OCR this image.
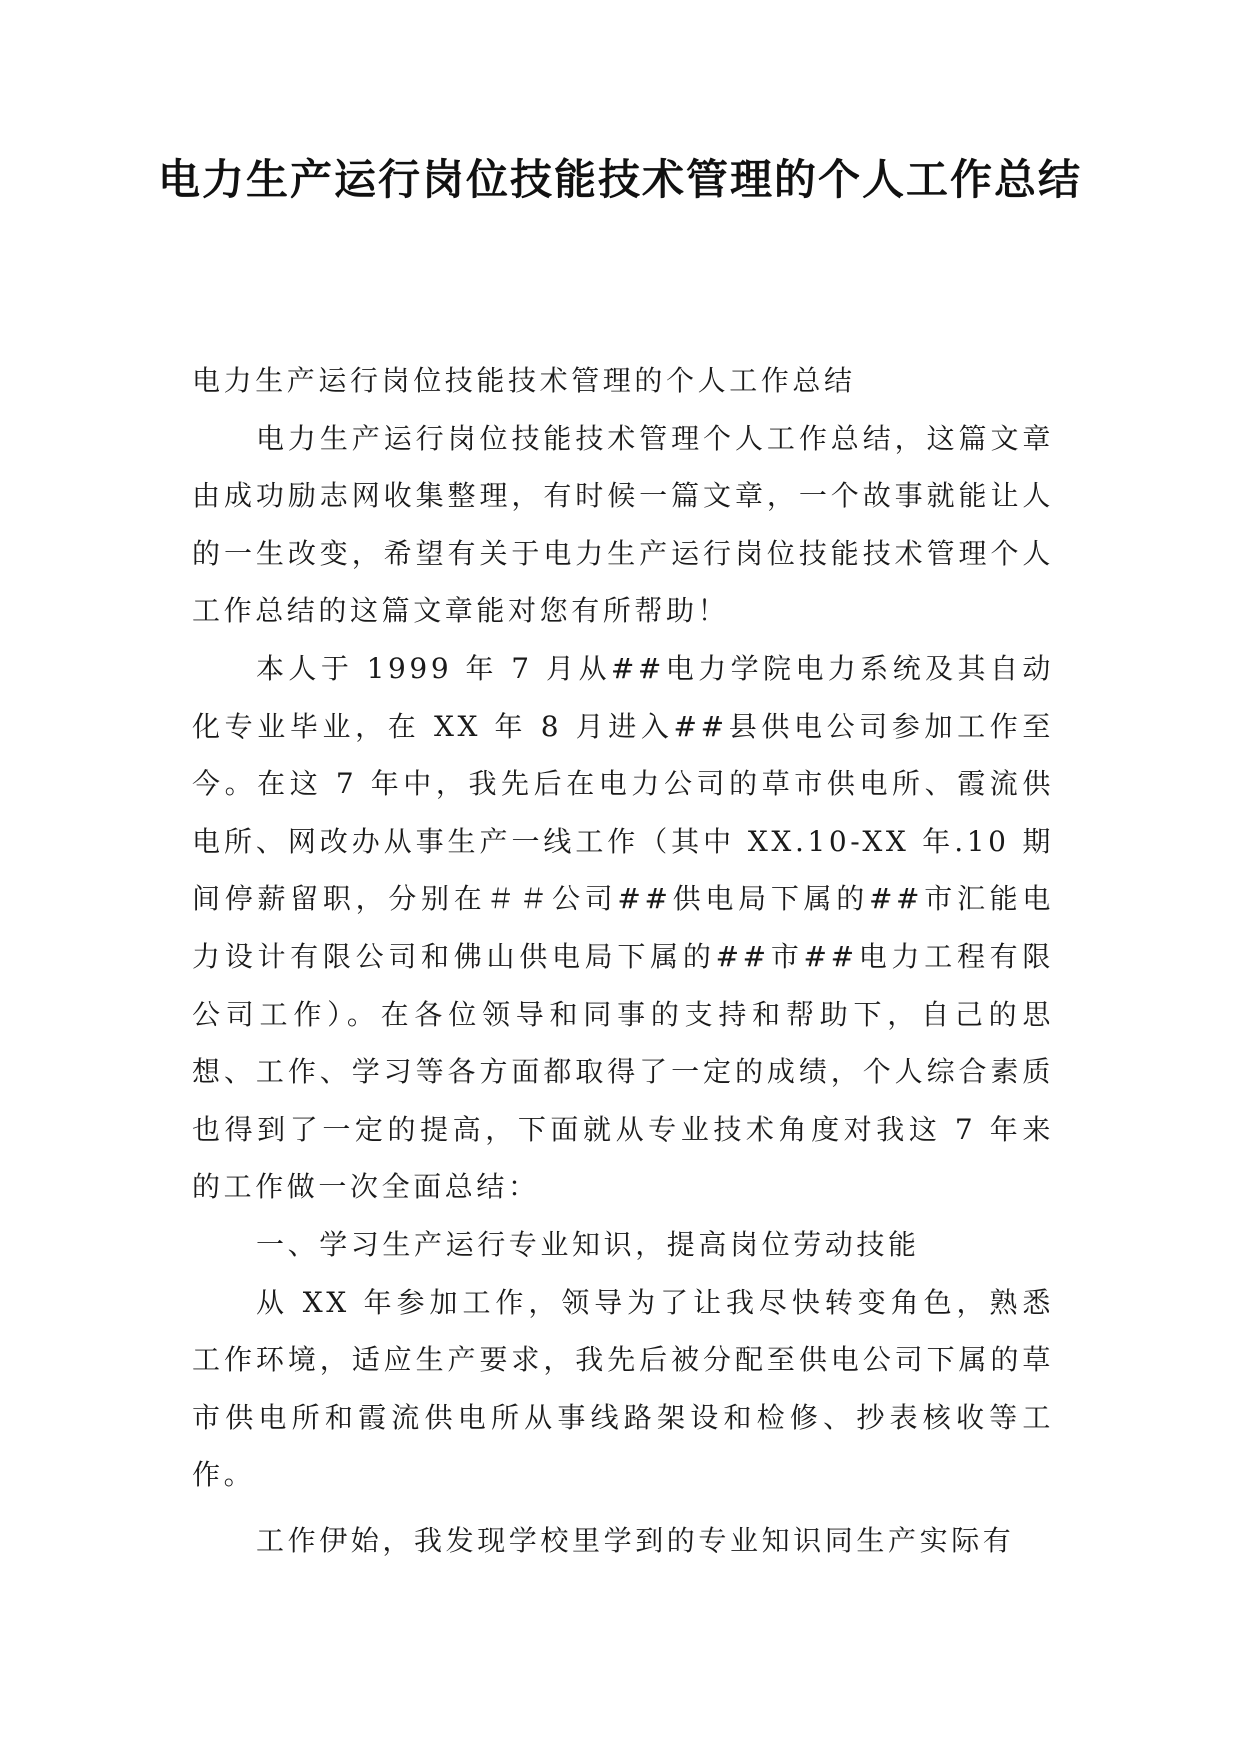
电力生产运行岗位技能技术管理的个人工作总结

电力生产运行岗位技能技术管理的个人工作总结

电力生产运行岗位技能技术管理个人工作总结，这篇文章由成功励志网收集整理，有时候一篇文章，一个故事就能让人的一生改变，希望有关于电力生产运行岗位技能技术管理个人工作总结的这篇文章能对您有所帮助！

本人于 1999 年 7 月从##电力学院电力系统及其自动化专业毕业，在 XX 年 8 月进入##县供电公司参加工作至今。在这 7 年中，我先后在电力公司的草市供电所、霞流供电所、网改办从事生产一线工作（其中 XX.10-XX 年.10 期间停薪留职，分别在＃＃公司##供电局下属的##市汇能电力设计有限公司和佛山供电局下属的##市##电力工程有限公司工作）。在各位领导和同事的支持和帮助下，自己的思想、工作、学习等各方面都取得了一定的成绩，个人综合素质也得到了一定的提高，下面就从专业技术角度对我这 7 年来的工作做一次全面总结：

一、学习生产运行专业知识，提高岗位劳动技能

从 XX 年参加工作，领导为了让我尽快转变角色，熟悉工作环境，适应生产要求，我先后被分配至供电公司下属的草市供电所和霞流供电所从事线路架设和检修、抄表核收等工作。

工作伊始，我发现学校里学到的专业知识同生产实际有
